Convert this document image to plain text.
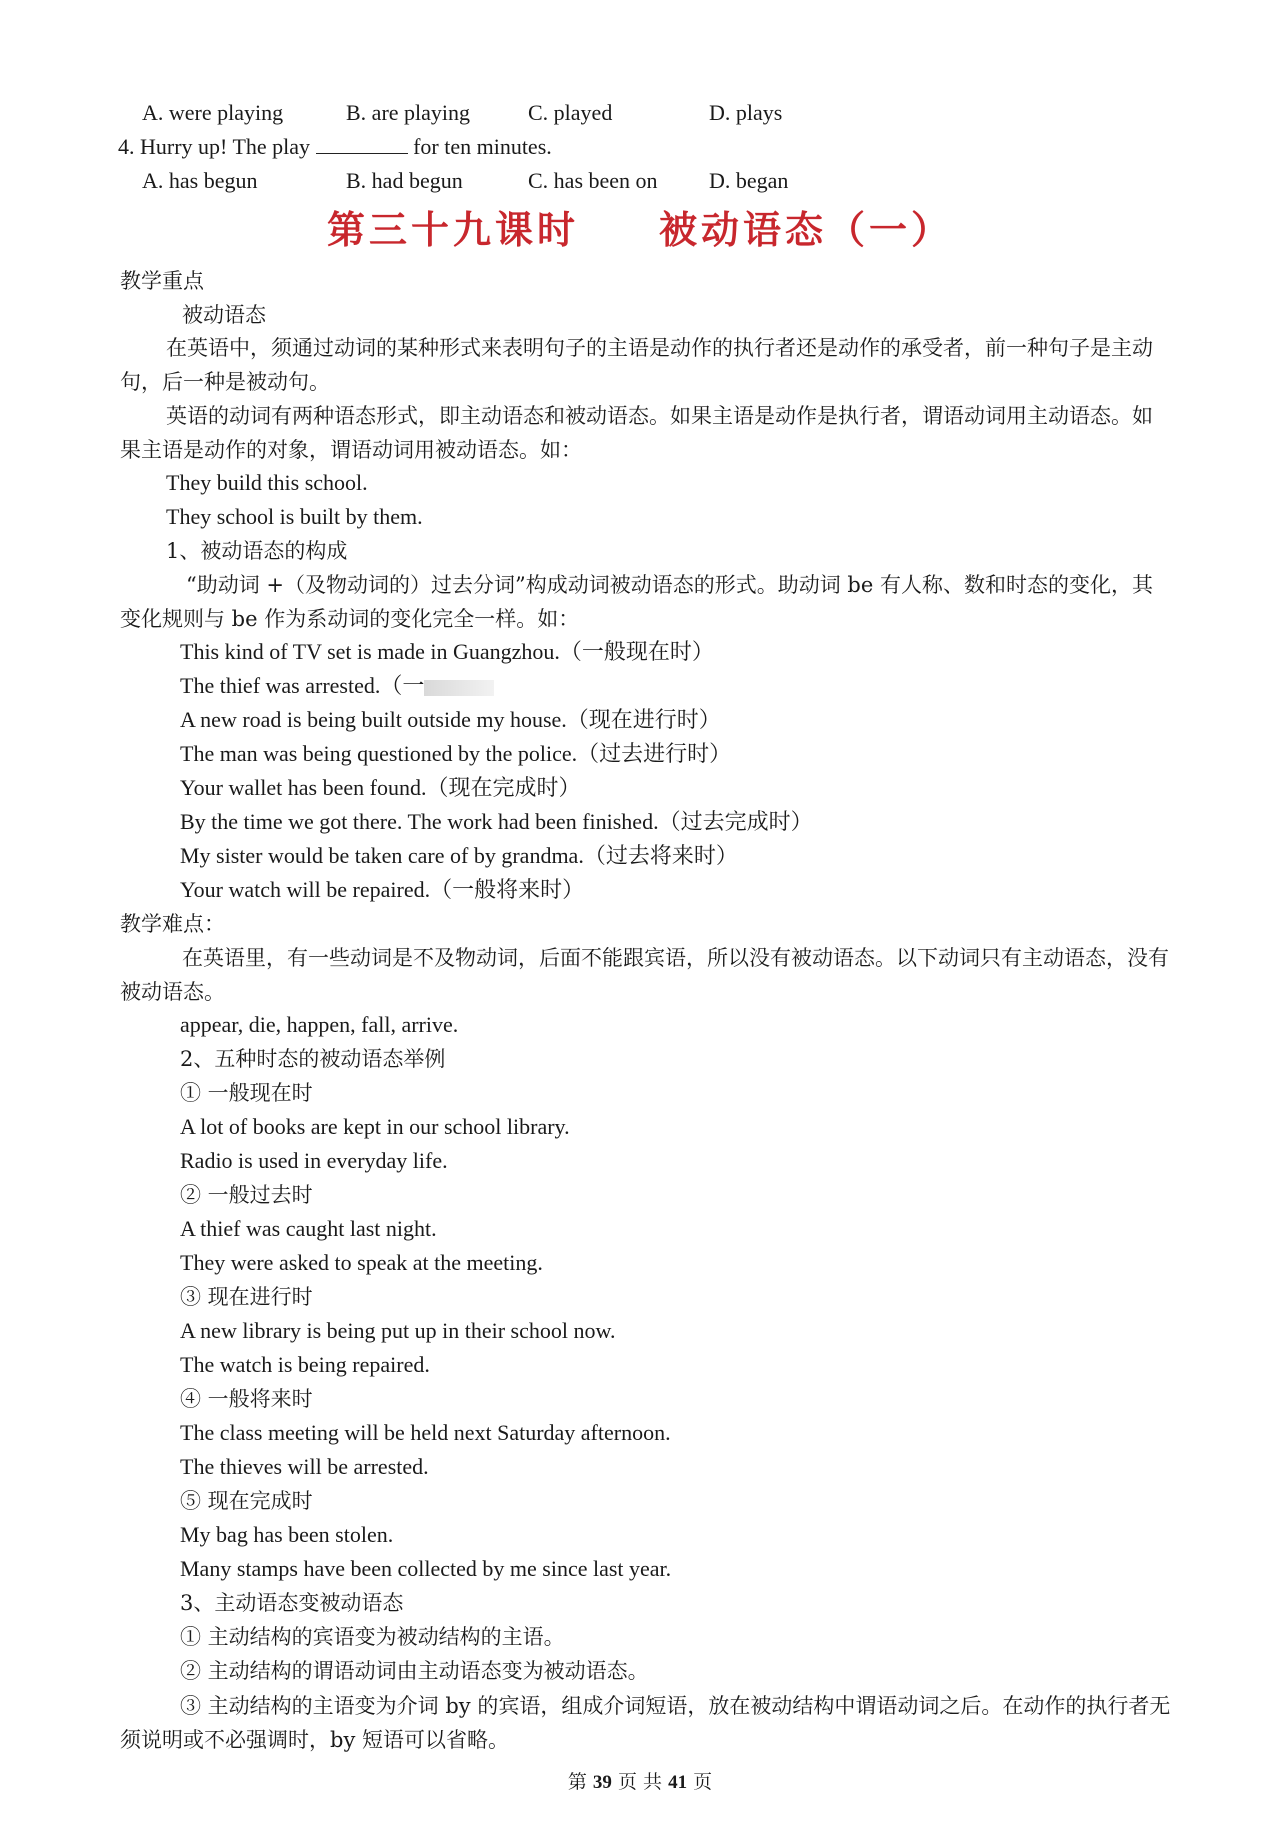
A. were playing	B. are playing	C. played	D. plays
4. Hurry up! The play	for ten minutes.
A. has begun	B. had begun	C. has been on D. began
第三十九课时 被动语态（一）
教学重点
被动语态
在英语中，须通过动词的某种形式来表明句子的主语是动作的执行者还是动作的承受者，前一种句子是主动句，后一种是被动句。
英语的动词有两种语态形式，即主动语态和被动语态。如果主语是动作是执行者，谓语动词用主动语态。如果主语是动作的对象，谓语动词用被动语态。如：
They build this school.
They school is built by them.
1、被动语态的构成
“助动词 +（及物动词的）过去分词”构成动词被动语态的形式。助动词 be 有人称、数和时态的变化，其变化规则与 be 作为系动词的变化完全一样。如：
This kind of TV set is made in Guangzhou.（一般现在时）
The thief was arrested.（一
A new road is being built outside my house.（现在进行时）
The man was being questioned by the police.（过去进行时）
Your wallet has been found.（现在完成时）
By the time we got there. The work had been finished.（过去完成时）
My sister would be taken care of by grandma.（过去将来时）
Your watch will be repaired.（一般将来时）
教学难点：
在英语里，有一些动词是不及物动词，后面不能跟宾语，所以没有被动语态。以下动词只有主动语态，没有被动语态。
appear, die, happen, fall, arrive.
2、五种时态的被动语态举例
① 一般现在时
A lot of books are kept in our school library.
Radio is used in everyday life.
② 一般过去时
A thief was caught last night.
They were asked to speak at the meeting.
③ 现在进行时
A new library is being put up in their school now.
The watch is being repaired.
④ 一般将来时
The class meeting will be held next Saturday afternoon.
The thieves will be arrested.
⑤ 现在完成时
My bag has been stolen.
Many stamps have been collected by me since last year.
3、主动语态变被动语态
① 主动结构的宾语变为被动结构的主语。
② 主动结构的谓语动词由主动语态变为被动语态。
③ 主动结构的主语变为介词 by 的宾语，组成介词短语，放在被动结构中谓语动词之后。在动作的执行者无须说明或不必强调时，by 短语可以省略。
第 39 页 共 41 页
